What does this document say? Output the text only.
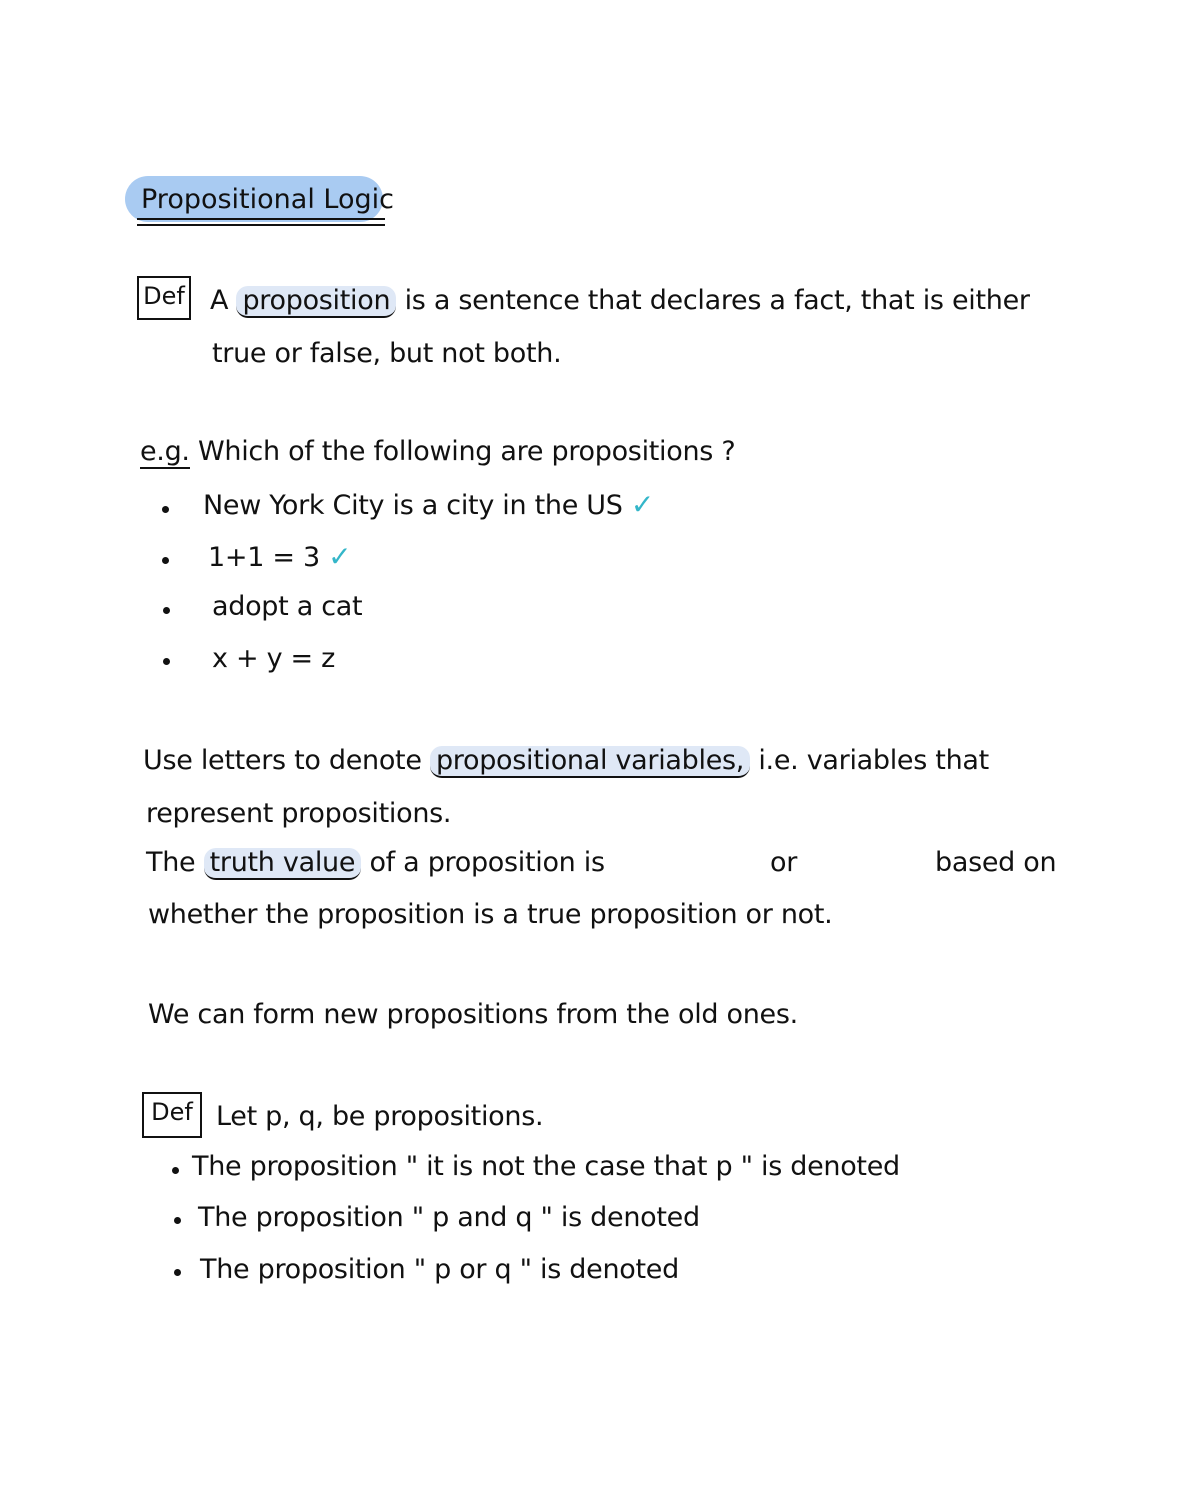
Propositional Logic
Def A proposition is a sentence that declares a fact, that is either
true or false, but not both.
e.g. Which of the following are propositions ?
New York City is a city in the US ✓
1+1 = 3 ✓
adopt a cat
x + y = z
Use letters to denote propositional variables, i.e. variables that
represent propositions.
The truth value of a proposition is	or	based on
whether the proposition is a true proposition or not.
We can form new propositions from the old ones.
Def Let p, q, be propositions.
The proposition " it is not the case that p " is denoted
The proposition " p and q " is denoted
The proposition " p or q " is denoted
